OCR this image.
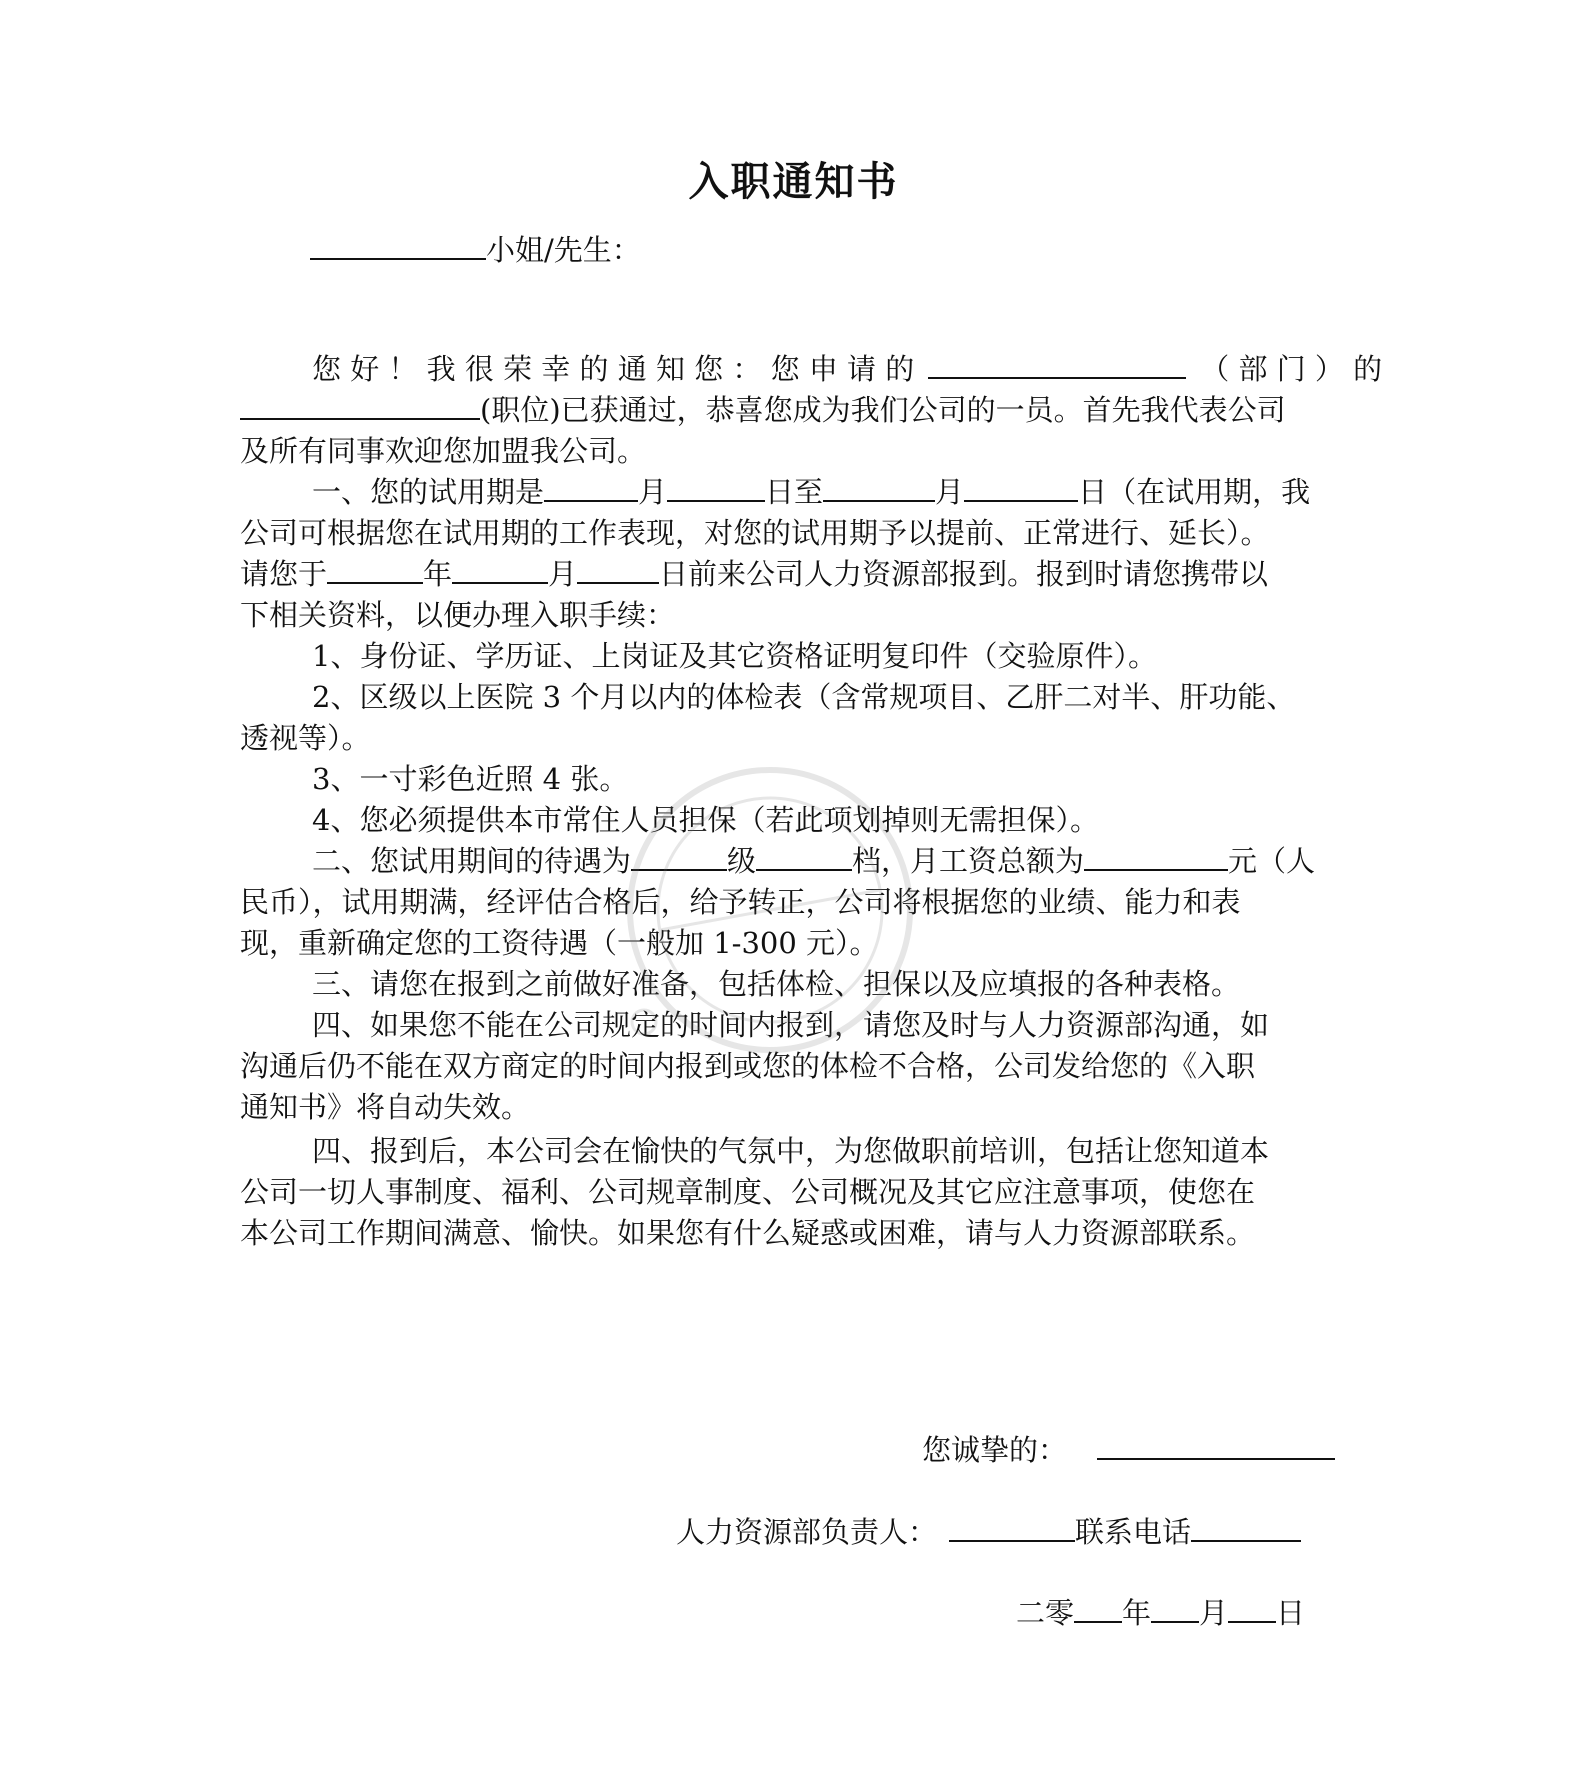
入职通知书
小姐/先生：
您 好 ！ 我 很 荣 幸 的 通 知 您 ： 您 申 请 的	（ 部 门 ） 的
(职位)已获通过，恭喜您成为我们公司的一员。首先我代表公司
及所有同事欢迎您加盟我公司。
一、您的试用期是	月	日至	月	日（在试用期，我
公司可根据您在试用期的工作表现，对您的试用期予以提前、正常进行、延长）。
请您于	年	月	日前来公司人力资源部报到。报到时请您携带以
下相关资料，以便办理入职手续：
1、身份证、学历证、上岗证及其它资格证明复印件（交验原件）。
2、区级以上医院 3 个月以内的体检表（含常规项目、乙肝二对半、肝功能、
透视等）。
3、一寸彩色近照 4 张。
4、您必须提供本市常住人员担保（若此项划掉则无需担保）。
二、您试用期间的待遇为	级	档，月工资总额为	元（人
民币），试用期满，经评估合格后，给予转正，公司将根据您的业绩、能力和表
现，重新确定您的工资待遇（一般加 1-300 元）。
三、请您在报到之前做好准备，包括体检、担保以及应填报的各种表格。
四、如果您不能在公司规定的时间内报到，请您及时与人力资源部沟通，如
沟通后仍不能在双方商定的时间内报到或您的体检不合格，公司发给您的《入职
通知书》将自动失效。
四、报到后，本公司会在愉快的气氛中，为您做职前培训，包括让您知道本
公司一切人事制度、福利、公司规章制度、公司概况及其它应注意事项，使您在
本公司工作期间满意、愉快。如果您有什么疑惑或困难，请与人力资源部联系。
您诚挚的：
人力资源部负责人：	联系电话
二零 年 月 日
